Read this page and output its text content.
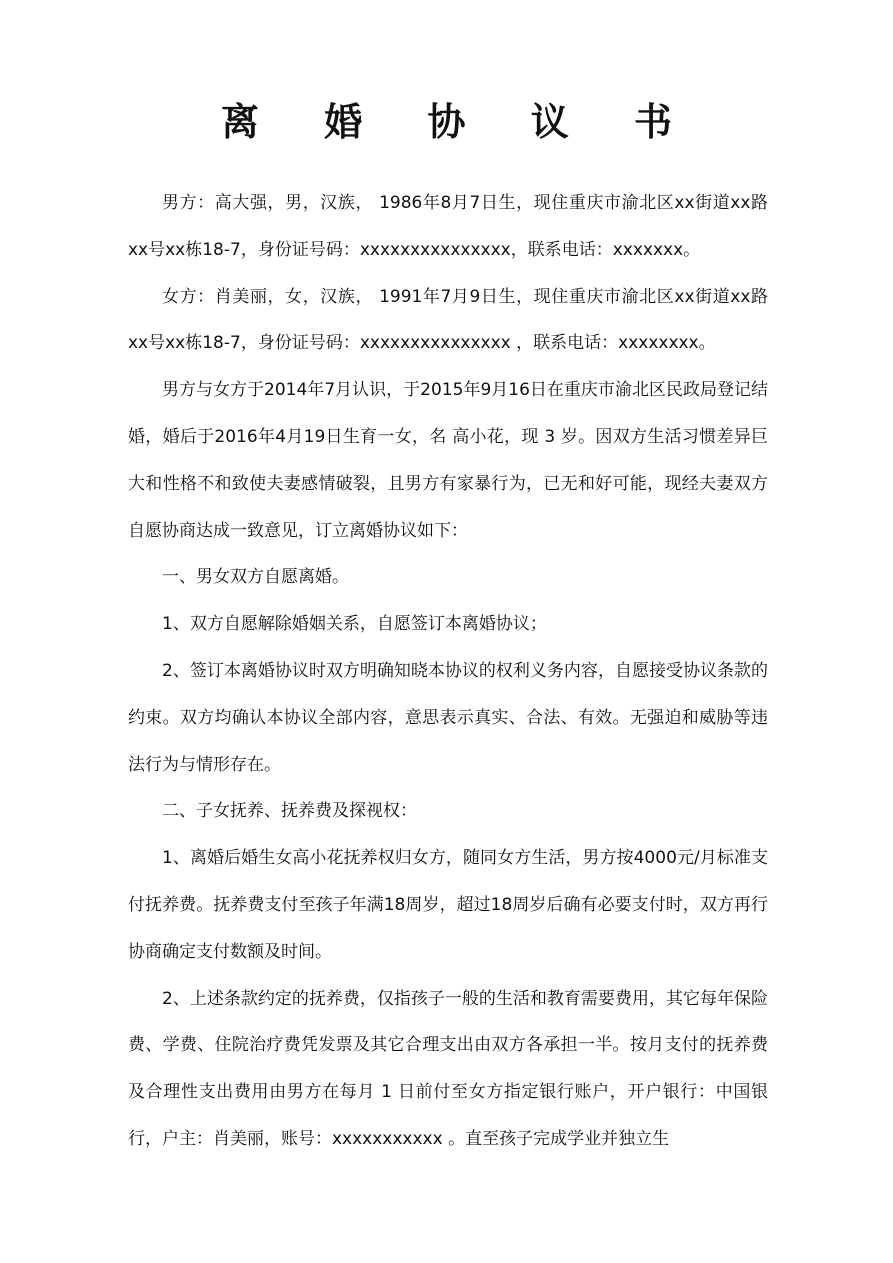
离 婚 协 议 书

男方：高大强，男，汉族， 1986年8月7日生，现住重庆市渝北区xx街道xx路xx号xx栋18-7，身份证号码：xxxxxxxxxxxxxxx，联系电话：xxxxxxx。

女方：肖美丽，女，汉族， 1991年7月9日生，现住重庆市渝北区xx街道xx路xx号xx栋18-7，身份证号码：xxxxxxxxxxxxxxx ，联系电话：xxxxxxxx。

男方与女方于2014年7月认识，于2015年9月16日在重庆市渝北区民政局登记结婚，婚后于2016年4月19日生育一女，名 高小花，现 3 岁。因双方生活习惯差异巨大和性格不和致使夫妻感情破裂，且男方有家暴行为，已无和好可能，现经夫妻双方自愿协商达成一致意见，订立离婚协议如下：

一、男女双方自愿离婚。

1、双方自愿解除婚姻关系，自愿签订本离婚协议；

2、签订本离婚协议时双方明确知晓本协议的权利义务内容，自愿接受协议条款的约束。双方均确认本协议全部内容，意思表示真实、合法、有效。无强迫和威胁等违法行为与情形存在。

二、子女抚养、抚养费及探视权：

1、离婚后婚生女高小花抚养权归女方，随同女方生活，男方按4000元/月标准支付抚养费。抚养费支付至孩子年满18周岁，超过18周岁后确有必要支付时，双方再行协商确定支付数额及时间。

2、上述条款约定的抚养费，仅指孩子一般的生活和教育需要费用，其它每年保险费、学费、住院治疗费凭发票及其它合理支出由双方各承担一半。按月支付的抚养费及合理性支出费用由男方在每月 1 日前付至女方指定银行账户，开户银行：中国银行，户主：肖美丽，账号：xxxxxxxxxxx 。直至孩子完成学业并独立生
